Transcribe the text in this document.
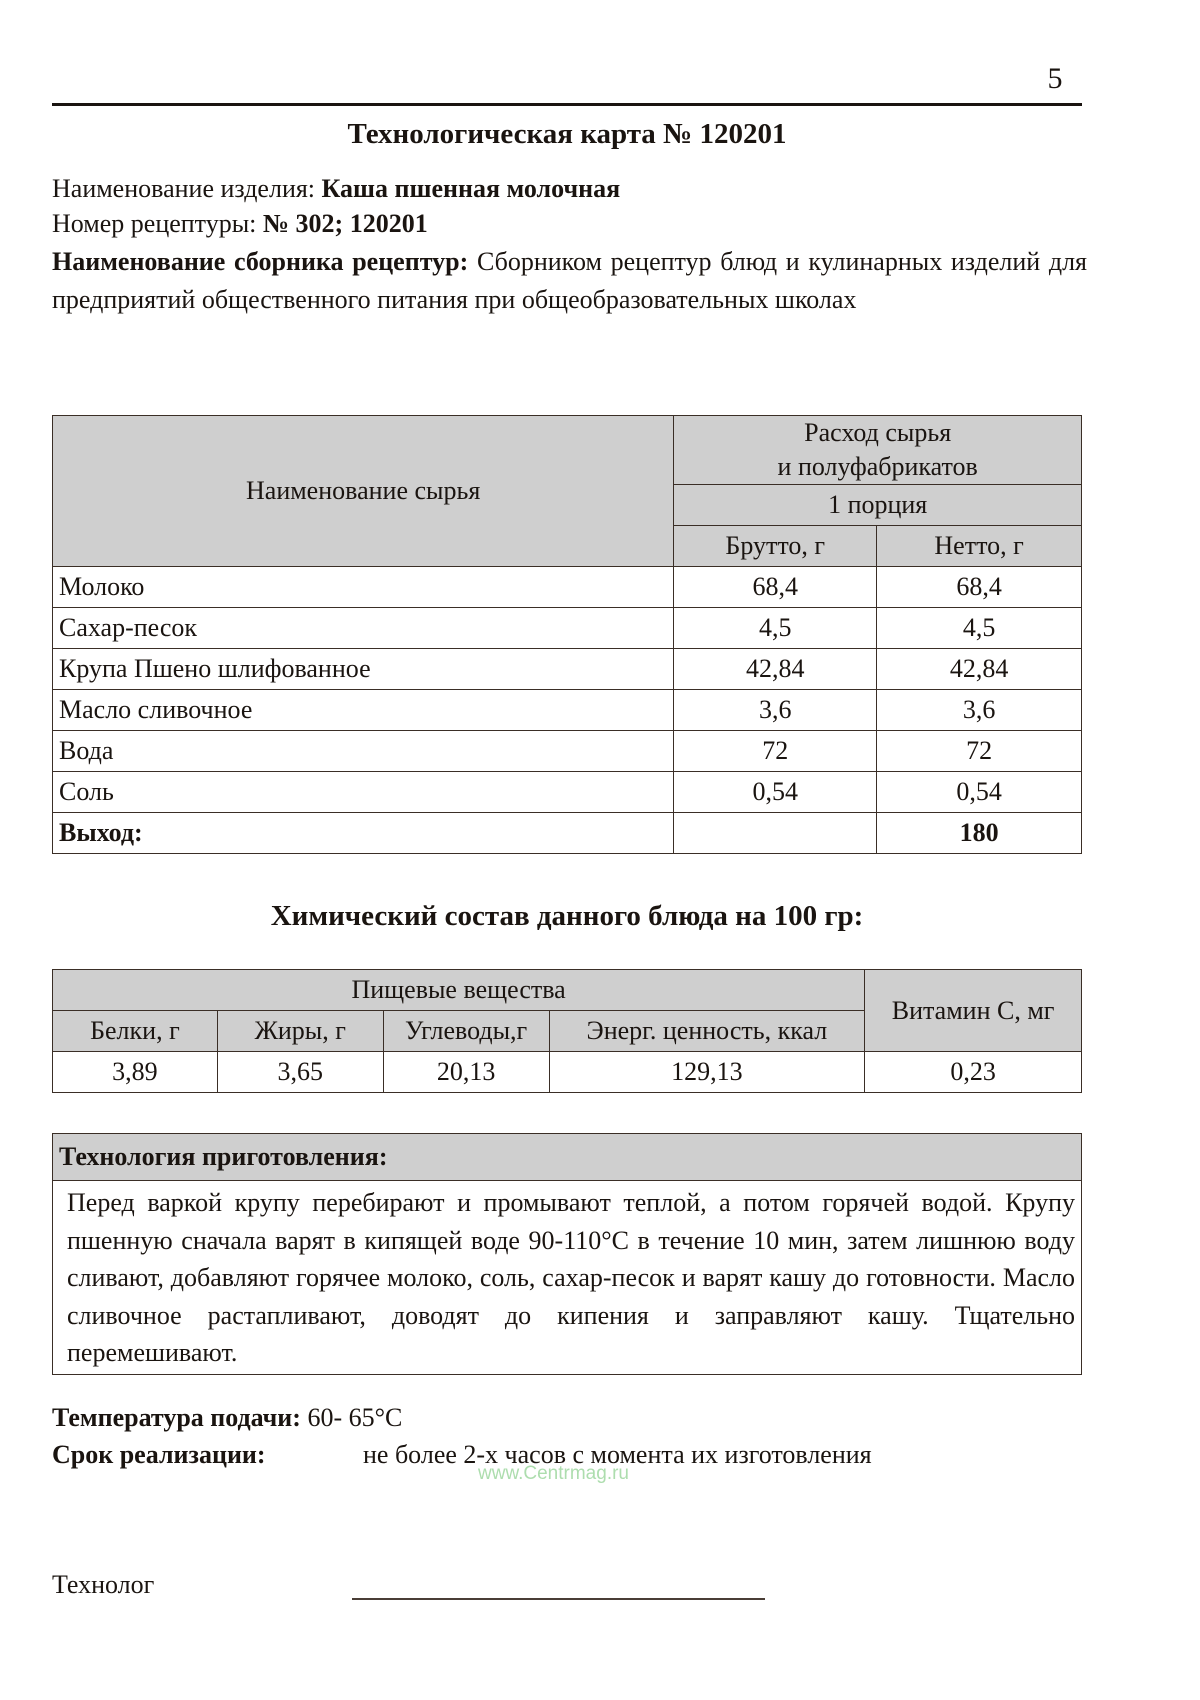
5
Технологическая карта № 120201
Наименование изделия: Каша пшенная молочная
Номер рецептуры: № 302; 120201
Наименование сборника рецептур: Сборником рецептур блюд и кулинарных изделий для предприятий общественного питания при общеобразовательных школах
Наименование сырья	Расход сырья
и полуфабрикатов	

	1 порция	
	Брутто, г	Нетто, г
Молоко	68,4	68,4
Сахар-песок	4,5	4,5
Крупа Пшено шлифованное	42,84	42,84
Масло сливочное	3,6	3,6
Вода	72	72
Соль	0,54	0,54
Выход:		180
Химический состав данного блюда на 100 гр:
Пищевые вещества				Витамин С, мг
Белки, г	Жиры, г	Углеводы,г	Энерг. ценность, ккал	
3,89	3,65	20,13	129,13	0,23
Технология приготовления:
Перед варкой крупу перебирают и промывают теплой, а потом горячей водой. Крупу пшенную сначала варят в кипящей воде 90-110°С в течение 10 мин, затем лишнюю воду сливают, добавляют горячее молоко, соль, сахар-песок и варят кашу до готовности. Масло сливочное растапливают, доводят до кипения и заправляют кашу. Тщательно перемешивают.
Температура подачи: 60- 65°С
Срок реализации:	не более 2-х часов с момента их изготовления
www.Centrmag.ru
Технолог
